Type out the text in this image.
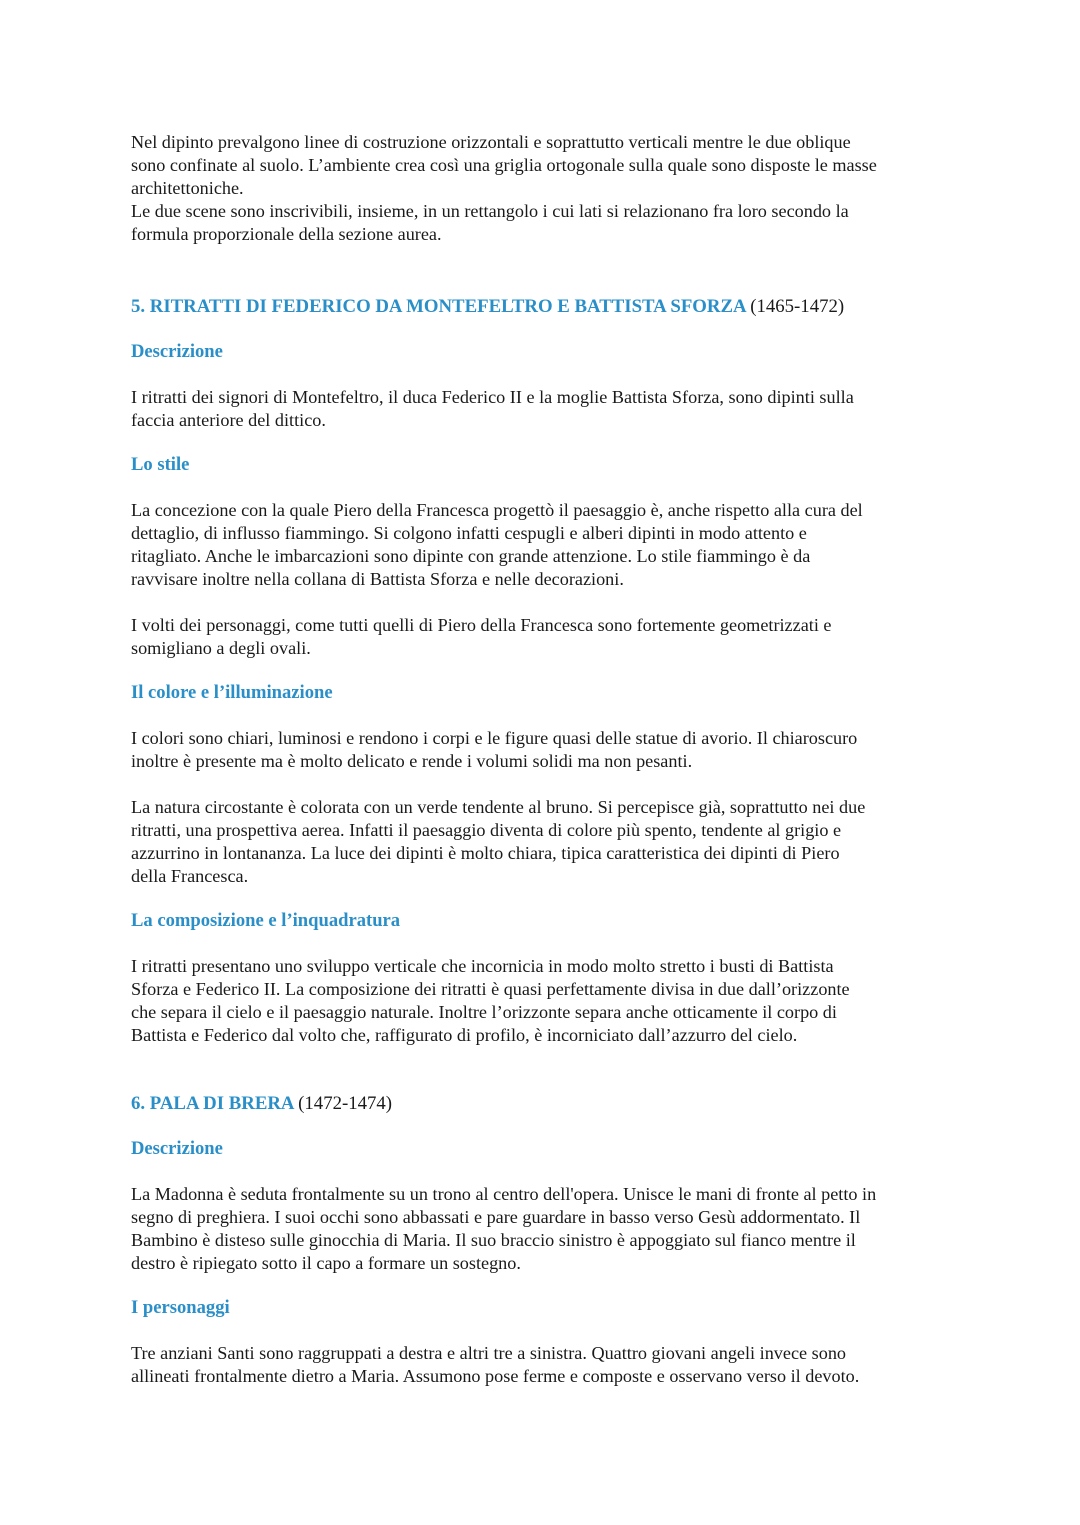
Nel dipinto prevalgono linee di costruzione orizzontali e soprattutto verticali mentre le due oblique
sono confinate al suolo. L’ambiente crea così una griglia ortogonale sulla quale sono disposte le masse
architettoniche.

Le due scene sono inscrivibili, insieme, in un rettangolo i cui lati si relazionano fra loro secondo la
formula proporzionale della sezione aurea.

5. RITRATTI DI FEDERICO DA MONTEFELTRO E BATTISTA SFORZA (1465-1472)
Descrizione

I ritratti dei signori di Montefeltro, il duca Federico II e la moglie Battista Sforza, sono dipinti sulla
faccia anteriore del dittico.

Lo stile

La concezione con la quale Piero della Francesca progettò il paesaggio è, anche rispetto alla cura del
dettaglio, di influsso fiammingo. Si colgono infatti cespugli e alberi dipinti in modo attento e
ritagliato. Anche le imbarcazioni sono dipinte con grande attenzione. Lo stile fiammingo è da
ravvisare inoltre nella collana di Battista Sforza e nelle decorazioni.

I volti dei personaggi, come tutti quelli di Piero della Francesca sono fortemente geometrizzati e
somigliano a degli ovali.

Il colore e l’illuminazione

I colori sono chiari, luminosi e rendono i corpi e le figure quasi delle statue di avorio. Il chiaroscuro
inoltre è presente ma è molto delicato e rende i volumi solidi ma non pesanti.

La natura circostante è colorata con un verde tendente al bruno. Si percepisce già, soprattutto nei due
ritratti, una prospettiva aerea. Infatti il paesaggio diventa di colore più spento, tendente al grigio e
azzurrino in lontananza. La luce dei dipinti è molto chiara, tipica caratteristica dei dipinti di Piero
della Francesca.

La composizione e l’inquadratura

I ritratti presentano uno sviluppo verticale che incornicia in modo molto stretto i busti di Battista
Sforza e Federico II. La composizione dei ritratti è quasi perfettamente divisa in due dall’orizzonte
che separa il cielo e il paesaggio naturale. Inoltre l’orizzonte separa anche otticamente il corpo di
Battista e Federico dal volto che, raffigurato di profilo, è incorniciato dall’azzurro del cielo.

6. PALA DI BRERA (1472-1474)
Descrizione

La Madonna è seduta frontalmente su un trono al centro dell'opera. Unisce le mani di fronte al petto in
segno di preghiera. I suoi occhi sono abbassati e pare guardare in basso verso Gesù addormentato. Il
Bambino è disteso sulle ginocchia di Maria. Il suo braccio sinistro è appoggiato sul fianco mentre il
destro è ripiegato sotto il capo a formare un sostegno.

I personaggi

Tre anziani Santi sono raggruppati a destra e altri tre a sinistra. Quattro giovani angeli invece sono
allineati frontalmente dietro a Maria. Assumono pose ferme e composte e osservano verso il devoto.
